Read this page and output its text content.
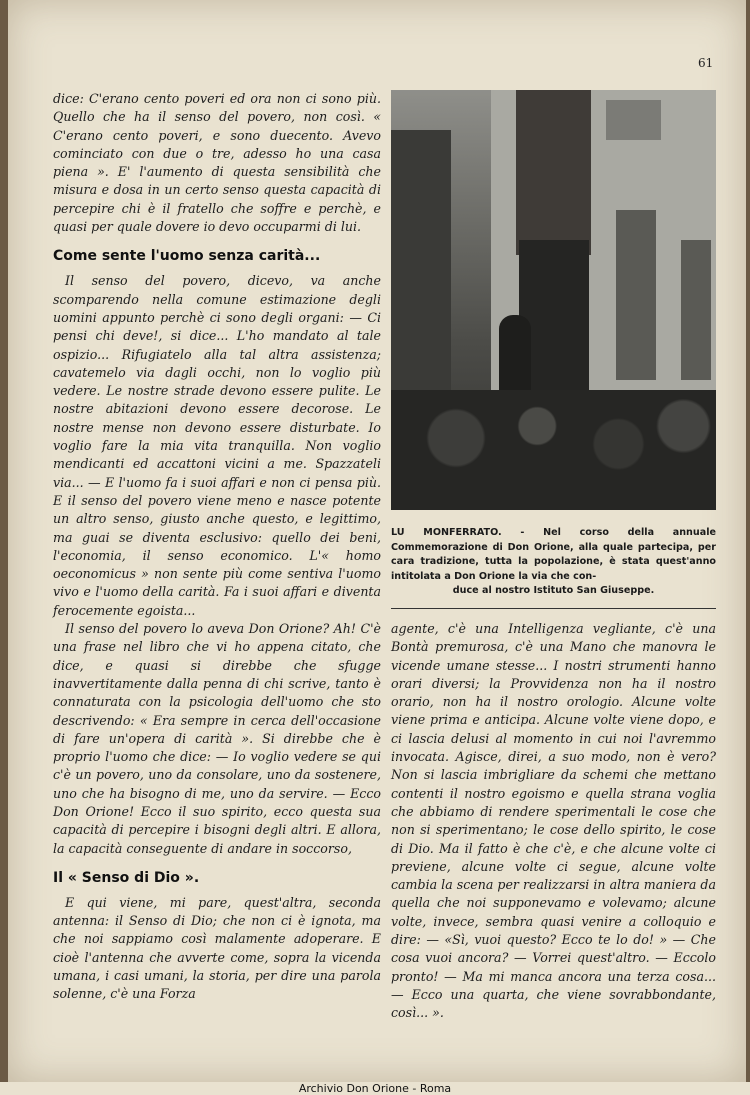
61

dice: C'erano cento poveri ed ora non ci sono più. Quello che ha il senso del povero, non così. « C'erano cento poveri, e sono duecento. Avevo cominciato con due o tre, adesso ho una casa piena ». E' l'aumento di questa sensibilità che misura e dosa in un certo senso questa capacità di percepire chi è il fratello che soffre e perchè, e quasi per quale dovere io devo occuparmi di lui.

Come sente l'uomo senza carità...

Il senso del povero, dicevo, va anche scomparendo nella comune estimazione degli uomini appunto perchè ci sono degli organi: — Ci pensi chi deve!, si dice... L'ho mandato al tale ospizio... Rifugiatelo alla tal altra assistenza; cavatemelo via dagli occhi, non lo voglio più vedere. Le nostre strade devono essere pulite. Le nostre abitazioni devono essere decorose. Le nostre mense non devono essere disturbate. Io voglio fare la mia vita tranquilla. Non voglio mendicanti ed accattoni vicini a me. Spazzateli via... — E l'uomo fa i suoi affari e non ci pensa più. E il senso del povero viene meno e nasce potente un altro senso, giusto anche questo, e legittimo, ma guai se diventa esclusivo: quello dei beni, l'economia, il senso economico. L'« homo oeconomicus » non sente più come sentiva l'uomo vivo e l'uomo della carità. Fa i suoi affari e diventa ferocemente egoista...

Il senso del povero lo aveva Don Orione? Ah! C'è una frase nel libro che vi ho appena citato, che dice, e quasi si direbbe che sfugge inavvertitamente dalla penna di chi scrive, tanto è connaturata con la psicologia dell'uomo che sto descrivendo: « Era sempre in cerca dell'occasione di fare un'opera di carità ». Si direbbe che è proprio l'uomo che dice: — Io voglio vedere se qui c'è un povero, uno da consolare, uno da sostenere, uno che ha bisogno di me, uno da servire. — Ecco Don Orione! Ecco il suo spirito, ecco questa sua capacità di percepire i bisogni degli altri. E allora, la capacità conseguente di andare in soccorso,

Il « Senso di Dio ».

E qui viene, mi pare, quest'altra, seconda antenna: il Senso di Dio; che non ci è ignota, ma che noi sappiamo così malamente adoperare. E cioè l'antenna che avverte come, sopra la vicenda umana, i casi umani, la storia, per dire una parola solenne, c'è una Forza

LU MONFERRATO. - Nel corso della annuale Commemorazione di Don Orione, alla quale partecipa, per cara tradizione, tutta la popolazione, è stata quest'anno intitolata a Don Orione la via che con-
duce al nostro Istituto San Giuseppe.

agente, c'è una Intelligenza vegliante, c'è una Bontà premurosa, c'è una Mano che manovra le vicende umane stesse... I nostri strumenti hanno orari diversi; la Provvidenza non ha il nostro orario, non ha il nostro orologio. Alcune volte viene prima e anticipa. Alcune volte viene dopo, e ci lascia delusi al momento in cui noi l'avremmo invocata. Agisce, direi, a suo modo, non è vero? Non si lascia imbrigliare da schemi che mettano contenti il nostro egoismo e quella strana voglia che abbiamo di rendere sperimentali le cose che non si sperimentano; le cose dello spirito, le cose di Dio. Ma il fatto è che c'è, e che alcune volte ci previene, alcune volte ci segue, alcune volte cambia la scena per realizzarsi in altra maniera da quella che noi supponevamo e volevamo; alcune volte, invece, sembra quasi venire a colloquio e dire: — «Sì, vuoi questo? Ecco te lo do! » — Che cosa vuoi ancora? — Vorrei quest'altro. — Eccolo pronto! — Ma mi manca ancora una terza cosa... — Ecco una quarta, che viene sovrabbondante, così... ».

Archivio Don Orione - Roma
